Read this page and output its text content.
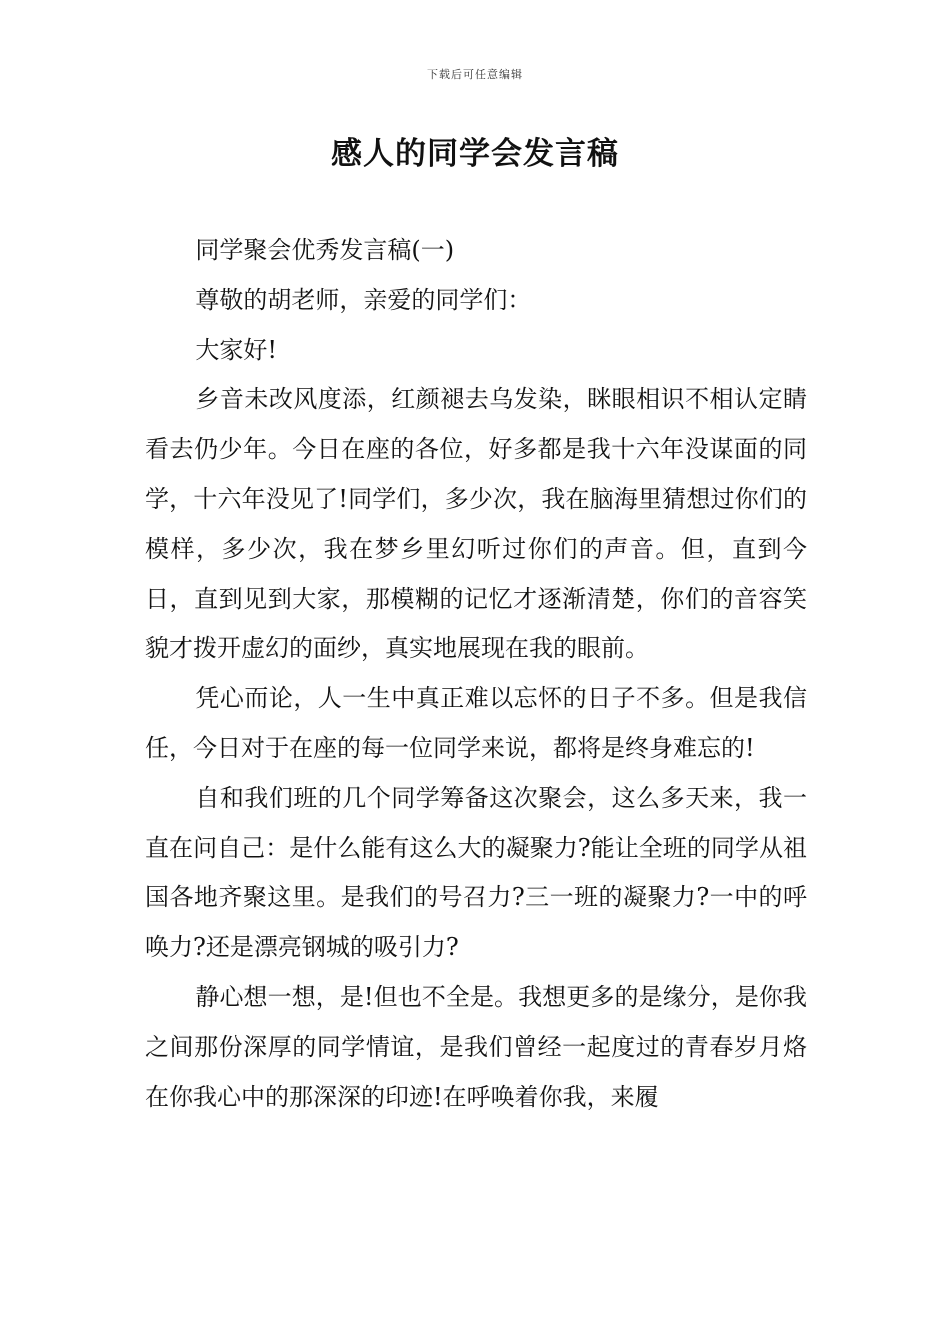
下载后可任意编辑
感人的同学会发言稿

同学聚会优秀发言稿(一)

尊敬的胡老师，亲爱的同学们：

大家好!

乡音未改风度添，红颜褪去乌发染，眯眼相识不相认定睛看去仍少年。今日在座的各位，好多都是我十六年没谋面的同学，十六年没见了!同学们，多少次，我在脑海里猜想过你们的模样，多少次，我在梦乡里幻听过你们的声音。但，直到今日，直到见到大家，那模糊的记忆才逐渐清楚，你们的音容笑貌才拨开虚幻的面纱，真实地展现在我的眼前。

凭心而论，人一生中真正难以忘怀的日子不多。但是我信任，今日对于在座的每一位同学来说，都将是终身难忘的!

自和我们班的几个同学筹备这次聚会，这么多天来，我一直在问自己：是什么能有这么大的凝聚力?能让全班的同学从祖国各地齐聚这里。是我们的号召力?三一班的凝聚力?一中的呼唤力?还是漂亮钢城的吸引力?

静心想一想，是!但也不全是。我想更多的是缘分，是你我之间那份深厚的同学情谊，是我们曾经一起度过的青春岁月烙在你我心中的那深深的印迹!在呼唤着你我，来履
